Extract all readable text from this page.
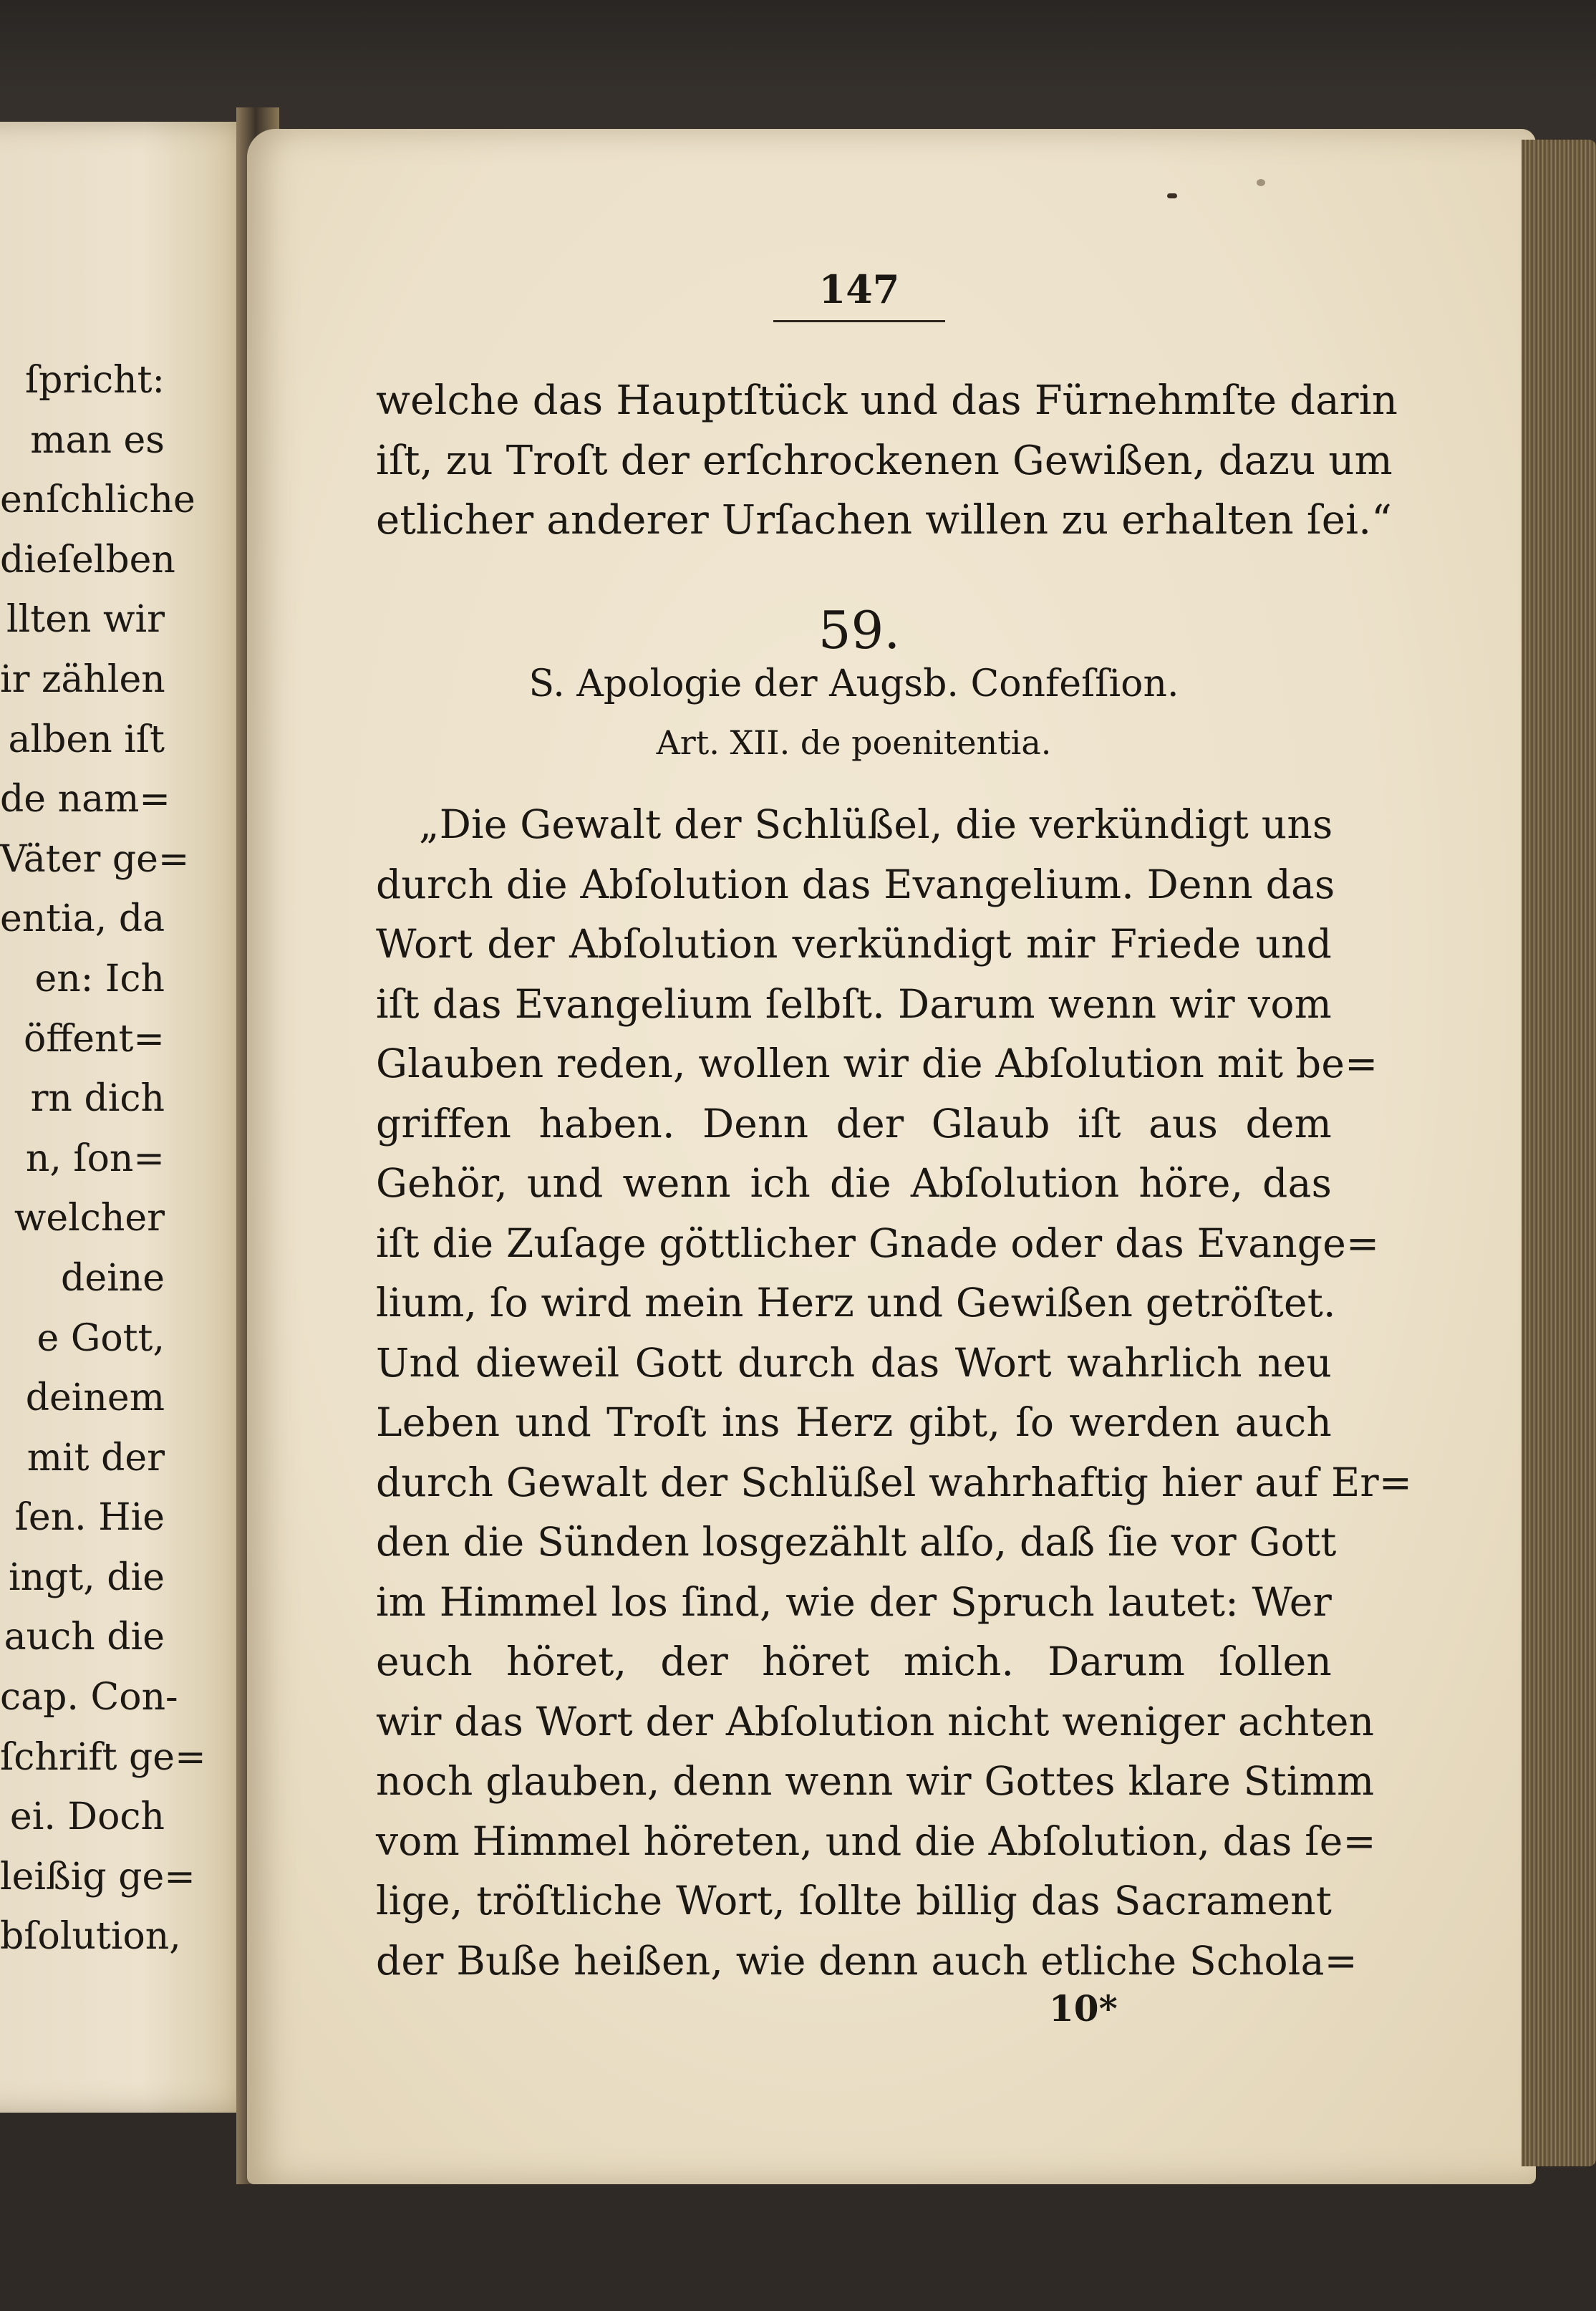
ſpricht:
man es
enſchliche
dieſelben
llten wir
ir zählen
alben iſt
de nam=
Väter ge=
entia, da
en: Ich
öffent=
rn dich
n, ſon=
welcher
deine
e Gott,
deinem
mit der
ſen. Hie
ingt, die
auch die
cap. Con-
ſchrift ge=
ei. Doch
leißig ge=
bſolution,
147
welche das Hauptſtück und das Fürnehmſte darin
iſt, zu Troſt der erſchrockenen Gewißen, dazu um
etlicher anderer Urſachen willen zu erhalten ſei.“
59.
S. Apologie der Augsb. Confeſſion.
Art. XII. de poenitentia.
„Die Gewalt der Schlüßel, die verkündigt uns
durch die Abſolution das Evangelium. Denn das
Wort der Abſolution verkündigt mir Friede und
iſt das Evangelium ſelbſt. Darum wenn wir vom
Glauben reden, wollen wir die Abſolution mit be=
griffen haben. Denn der Glaub iſt aus dem
Gehör, und wenn ich die Abſolution höre, das
iſt die Zuſage göttlicher Gnade oder das Evange=
lium, ſo wird mein Herz und Gewißen getröſtet.
Und dieweil Gott durch das Wort wahrlich neu
Leben und Troſt ins Herz gibt, ſo werden auch
durch Gewalt der Schlüßel wahrhaftig hier auf Er=
den die Sünden losgezählt alſo, daß ſie vor Gott
im Himmel los ſind, wie der Spruch lautet: Wer
euch höret, der höret mich. Darum ſollen
wir das Wort der Abſolution nicht weniger achten
noch glauben, denn wenn wir Gottes klare Stimm
vom Himmel höreten, und die Abſolution, das ſe=
lige, tröſtliche Wort, ſollte billig das Sacrament
der Buße heißen, wie denn auch etliche Schola=
10*
